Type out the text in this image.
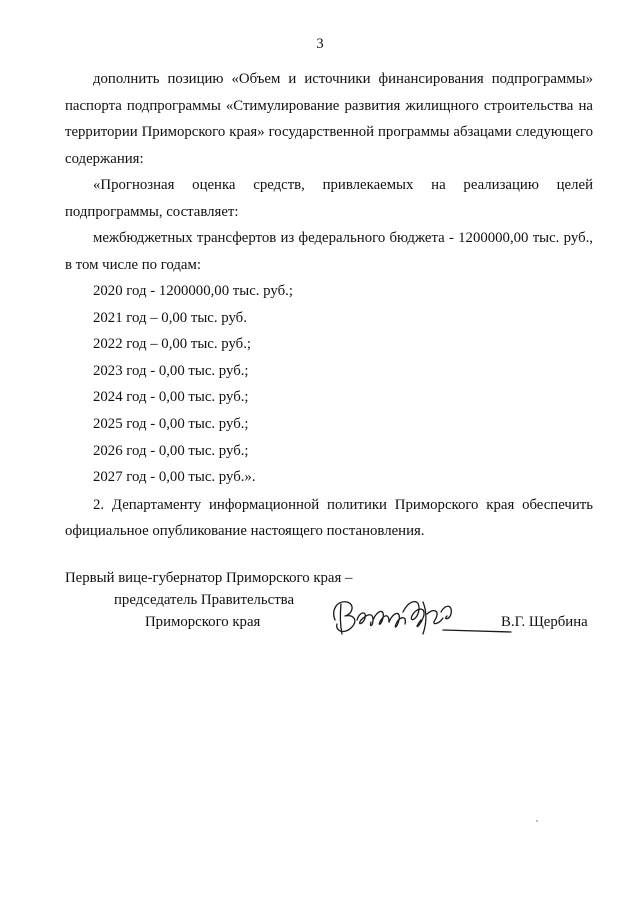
3

дополнить позицию «Объем и источники финансирования подпрограммы» паспорта подпрограммы «Стимулирование развития жилищного строительства на территории Приморского края» государственной программы абзацами следующего содержания:

«Прогнозная оценка средств, привлекаемых на реализацию целей подпрограммы, составляет:

межбюджетных трансфертов из федерального бюджета - 1200000,00 тыс. руб., в том числе по годам:

2020 год - 1200000,00 тыс. руб.;

2021 год – 0,00 тыс. руб.

2022 год – 0,00 тыс. руб.;

2023 год - 0,00 тыс. руб.;

2024 год - 0,00 тыс. руб.;

2025 год - 0,00 тыс. руб.;

2026 год - 0,00 тыс. руб.;

2027 год - 0,00 тыс. руб.».

2. Департаменту информационной политики Приморского края обеспечить официальное опубликование настоящего постановления.

Первый вице-губернатор Приморского края –
председатель Правительства
Приморского края	В.Г. Щербина
